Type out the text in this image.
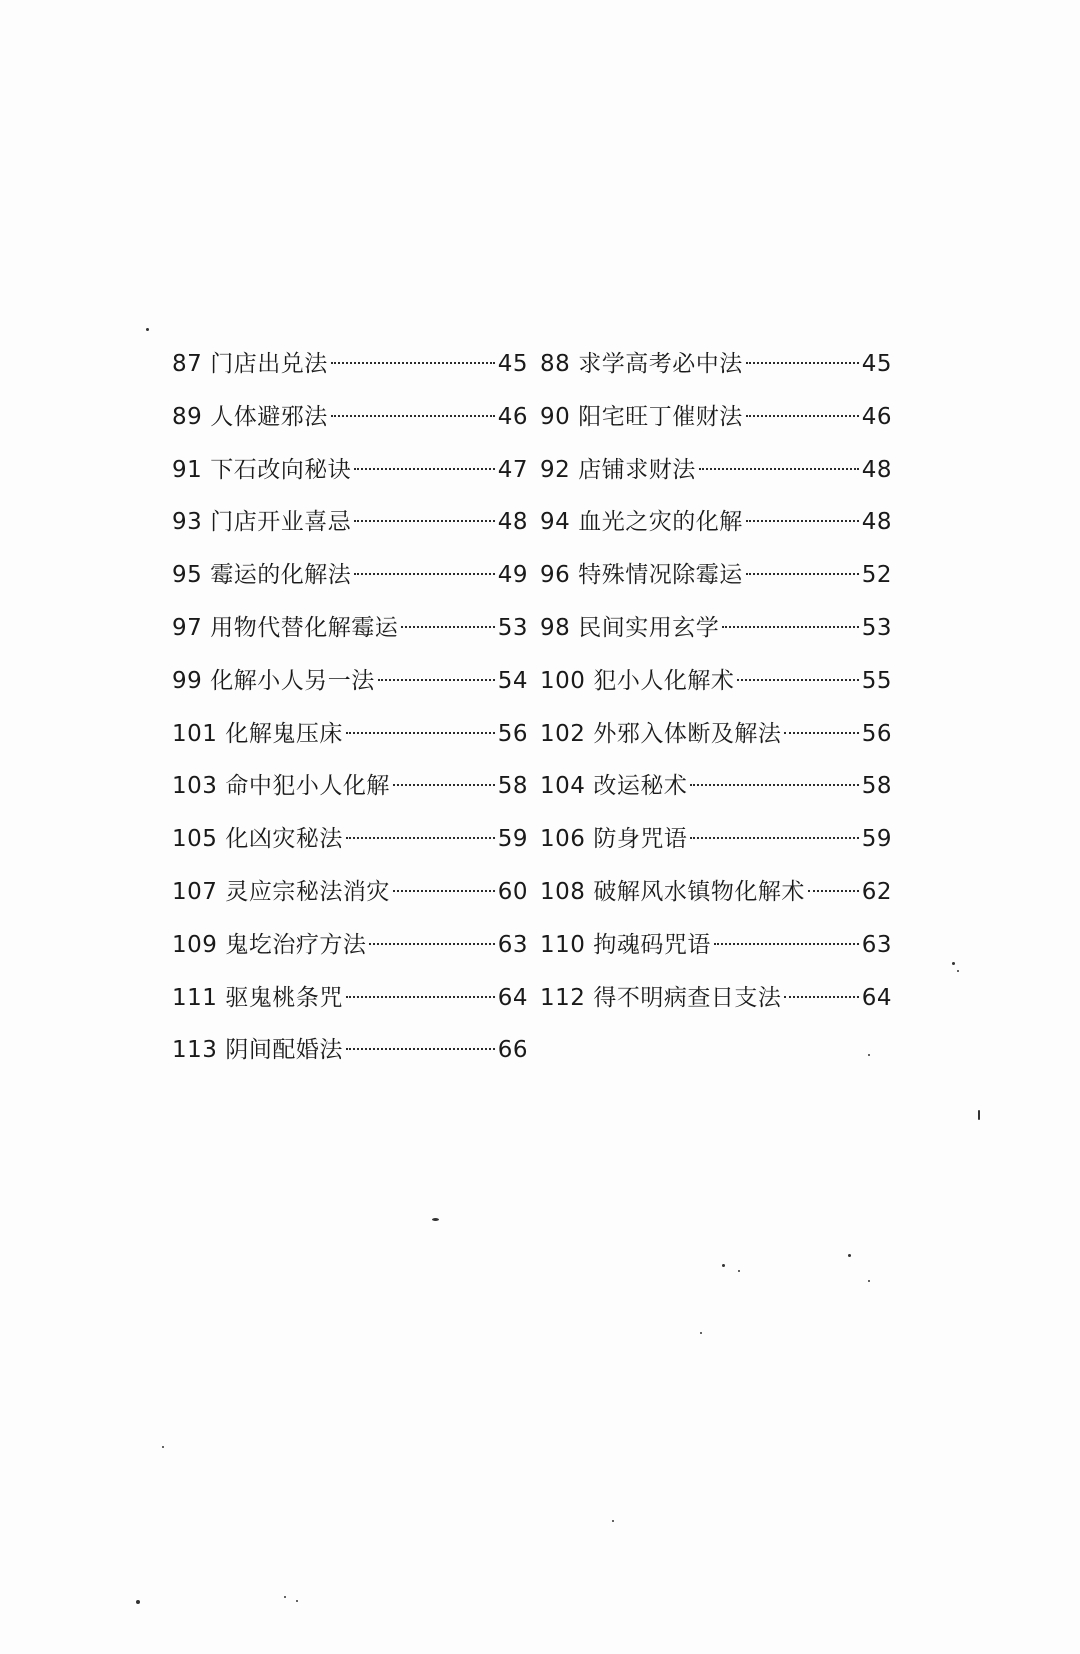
87 门店出兑法	45
89 人体避邪法	46
91 下石改向秘诀	47
93 门店开业喜忌	48
95 霉运的化解法	49
97 用物代替化解霉运	53
99 化解小人另一法	54
101 化解鬼压床	56
103 命中犯小人化解	58
105 化凶灾秘法	59
107 灵应宗秘法消灾	60
109 鬼圪治疗方法	63
111 驱鬼桃条咒	64
113 阴间配婚法	66
88 求学高考必中法	45
90 阳宅旺丁催财法	46
92 店铺求财法	48
94 血光之灾的化解	48
96 特殊情况除霉运	52
98 民间实用玄学	53
100 犯小人化解术	55
102 外邪入体断及解法	56
104 改运秘术	58
106 防身咒语	59
108 破解风水镇物化解术 62
110 拘魂码咒语	63
112 得不明病查日支法	64
